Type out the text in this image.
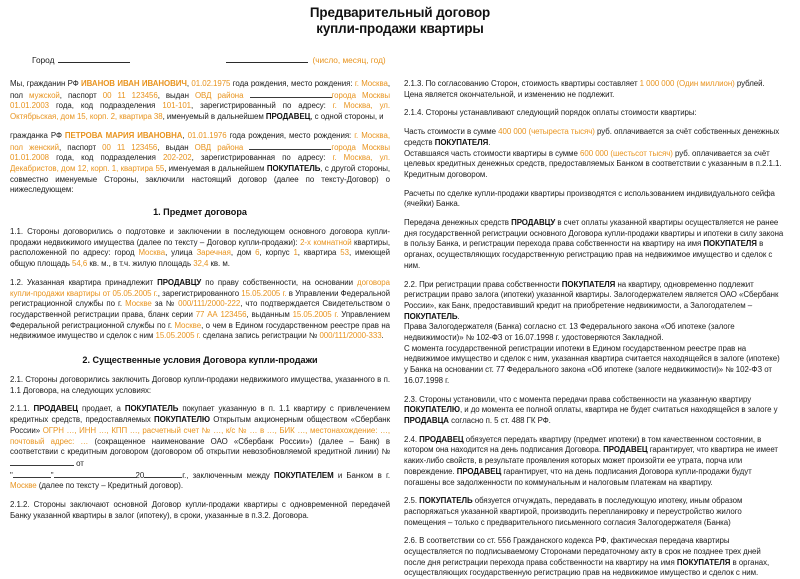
Предварительный договор
купли-продажи квартиры
Город	(число, месяц, год)

Мы, гражданин РФ ИВАНОВ ИВАН ИВАНОВИЧ, 01.02.1975 года рождения, место рождения: г. Москва, пол мужской, паспорт 00 11 123456, выдан ОВД района	города Москвы 01.01.2003 года, код подразделения 101-101, зарегистрированный по адресу: г. Москва, ул. Октябрьская, дом 15, корп. 2, квартира 38, именуемый в дальнейшем ПРОДАВЕЦ, с одной стороны, и

гражданка РФ ПЕТРОВА МАРИЯ ИВАНОВНА, 01.01.1976 года рождения, место рождения: г. Москва, пол женский, паспорт 00 11 123456, выдан ОВД района	города Москвы 01.01.2008 года, код подразделения 202-202, зарегистрированная по адресу: г. Москва, ул. Декабристов, дом 12, корп. 1, квартира 55, именуемая в дальнейшем ПОКУПАТЕЛЬ, с другой стороны, совместно именуемые Стороны, заключили настоящий договор (далее по тексту-Договор) о нижеследующем:

1. Предмет договора

1.1. Стороны договорились о подготовке и заключении в последующем основного договора купли-продажи недвижимого имущества (далее по тексту – Договор купли-продажи): 2-х комнатной квартиры, расположенной по адресу: город Москва, улица Заречная, дом 6, корпус 1, квартира 53, имеющей общую площадь 54,6 кв. м., в т.ч. жилую площадь 32,4 кв. м.

1.2. Указанная квартира принадлежит ПРОДАВЦУ по праву собственности, на основании договора купли-продажи квартиры от 05.05.2005 г., зарегистрированного 15.05.2005 г. в Управлении Федеральной регистрационной службы по г. Москве за № 000/111/2000-222, что подтверждается Свидетельством о государственной регистрации права, бланк серии 77 АА 123456, выданным 15.05.2005 г. Управлением Федеральной регистрационной службы по г. Москве, о чем в Едином государственном реестре прав на недвижимое имущество и сделок с ним 15.05.2005 г. сделана запись регистрации № 000/111/2000-333.

2. Существенные условия Договора купли-продажи

2.1. Стороны договорились заключить Договор купли-продажи недвижимого имущества, указанного в п. 1.1 Договора, на следующих условиях:

2.1.1. ПРОДАВЕЦ продает, а ПОКУПАТЕЛЬ покупает указанную в п. 1.1 квартиру с привлечением кредитных средств, предоставляемых ПОКУПАТЕЛЮ Открытым акционерным обществом «Сбербанк России» ОГРН …, ИНН …, КПП …, расчетный счет № …, к/с № … в …, БИК …, местонахождение: …, почтовый адрес: … (сокращенное наименование ОАО «Сбербанк России») (далее – Банк) в соответствии с кредитным договором (договором об открытии невозобновляемой кредитной линии) № от
"	"	20	г., заключенным между ПОКУПАТЕЛЕМ и Банком в г. Москве (далее по тексту – Кредитный договор).

2.1.2. Стороны заключают основной Договор купли-продажи квартиры с одновременной передачей Банку указанной квартиры в залог (ипотеку), в сроки, указанные в п.3.2. Договора.

2.1.3. По согласованию Сторон, стоимость квартиры составляет 1 000 000 (Один миллион) рублей. Цена является окончательной, и изменению не подлежит.

2.1.4. Стороны устанавливают следующий порядок оплаты стоимости квартиры:

Часть стоимости в сумме 400 000 (четыреста тысяч) руб. оплачивается за счёт собственных денежных средств ПОКУПАТЕЛЯ.

Оставшаяся часть стоимости квартиры в сумме 600 000 (шестьсот тысяч) руб. оплачивается за счёт целевых кредитных денежных средств, предоставляемых Банком в соответствии с указанным в п.2.1.1. Кредитным договором.

Расчеты по сделке купли-продажи квартиры производятся с использованием индивидуального сейфа (ячейки) Банка.

Передача денежных средств ПРОДАВЦУ в счет оплаты указанной квартиры осуществляется не ранее дня государственной регистрации основного Договора купли-продажи квартиры и ипотеки в силу закона в пользу Банка, и регистрации перехода права собственности на квартиру на имя ПОКУПАТЕЛЯ в органах, осуществляющих государственную регистрацию прав на недвижимое имущество и сделок с ним.

2.2. При регистрации права собственности ПОКУПАТЕЛЯ на квартиру, одновременно подлежит регистрации право залога (ипотеки) указанной квартиры. Залогодержателем является ОАО «Сбербанк России», как Банк, предоставивший кредит на приобретение недвижимости, а Залогодателем – ПОКУПАТЕЛЬ.

Права Залогодержателя (Банка) согласно ст. 13 Федерального закона «Об ипотеке (залоге недвижимости)» № 102-ФЗ от 16.07.1998 г. удостоверяются Закладной.

С момента государственной регистрации ипотеки в Едином государственном реестре прав на недвижимое имущество и сделок с ним, указанная квартира считается находящейся в залоге (ипотеке) у Банка на основании ст. 77 Федерального закона «Об ипотеке (залоге недвижимости)» № 102-ФЗ от 16.07.1998 г.

2.3. Стороны установили, что с момента передачи права собственности на указанную квартиру ПОКУПАТЕЛЮ, и до момента ее полной оплаты, квартира не будет считаться находящейся в залоге у ПРОДАВЦА согласно п. 5 ст. 488 ГК РФ.

2.4. ПРОДАВЕЦ обязуется передать квартиру (предмет ипотеки) в том качественном состоянии, в котором она находится на день подписания Договора. ПРОДАВЕЦ гарантирует, что квартира не имеет каких-либо свойств, в результате проявления которых может произойти ее утрата, порча или повреждение. ПРОДАВЕЦ гарантирует, что на день подписания Договора купли-продажи будут погашены все задолженности по коммунальным и налоговым платежам на квартиру.

2.5. ПОКУПАТЕЛЬ обязуется отчуждать, передавать в последующую ипотеку, иным образом распоряжаться указанной квартирой, производить перепланировку и переустройство жилого помещения – только с предварительного письменного согласия Залогодержателя (Банка)

2.6. В соответствии со ст. 556 Гражданского кодекса РФ, фактическая передача квартиры осуществляется по подписываемому Сторонами передаточному акту в срок не позднее трех дней после дня регистрации перехода права собственности на квартиру на имя ПОКУПАТЕЛЯ в органах, осуществляющих государственную регистрацию прав на недвижимое имущество и сделок с ним.
